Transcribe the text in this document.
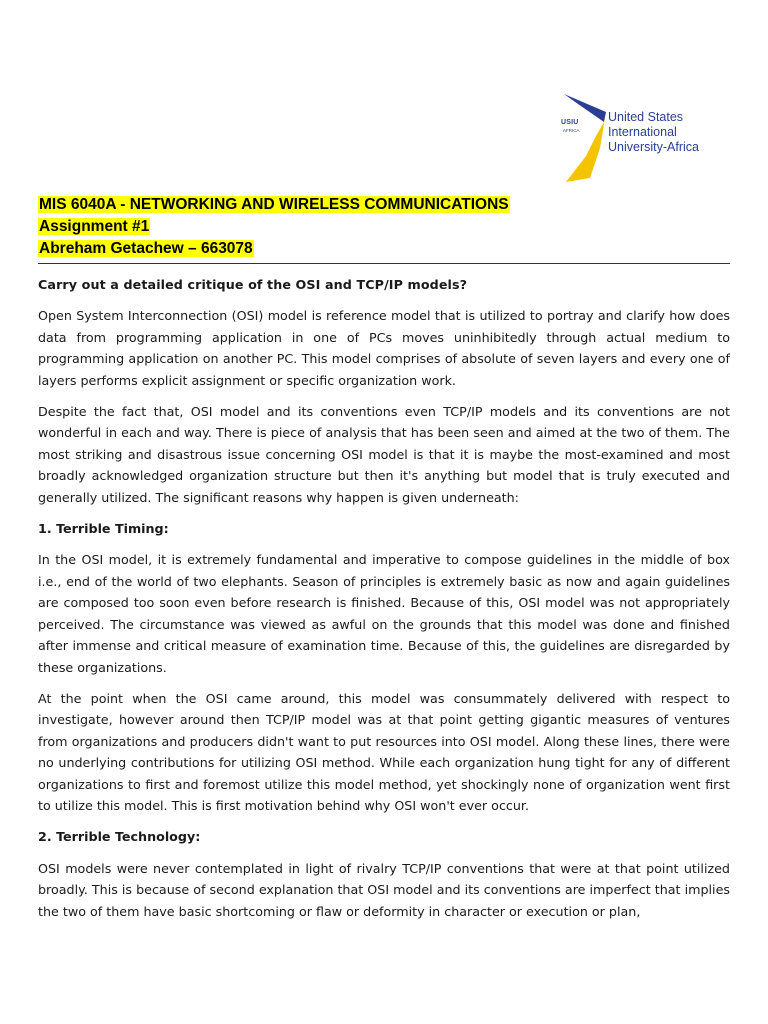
USIU
AFRICA
United States
International
University-Africa
MIS 6040A - NETWORKING AND WIRELESS COMMUNICATIONS
Assignment #1
Abreham Getachew – 663078
Carry out a detailed critique of the OSI and TCP/IP models?

Open System Interconnection (OSI) model is reference model that is utilized to portray and clarify how does data from programming application in one of PCs moves uninhibitedly through actual medium to programming application on another PC. This model comprises of absolute of seven layers and every one of layers performs explicit assignment or specific organization work.

Despite the fact that, OSI model and its conventions even TCP/IP models and its conventions are not wonderful in each and way. There is piece of analysis that has been seen and aimed at the two of them. The most striking and disastrous issue concerning OSI model is that it is maybe the most-examined and most broadly acknowledged organization structure but then it's anything but model that is truly executed and generally utilized. The significant reasons why happen is given underneath:

1. Terrible Timing:

In the OSI model, it is extremely fundamental and imperative to compose guidelines in the middle of box i.e., end of the world of two elephants. Season of principles is extremely basic as now and again guidelines are composed too soon even before research is finished. Because of this, OSI model was not appropriately perceived. The circumstance was viewed as awful on the grounds that this model was done and finished after immense and critical measure of examination time. Because of this, the guidelines are disregarded by these organizations.

At the point when the OSI came around, this model was consummately delivered with respect to investigate, however around then TCP/IP model was at that point getting gigantic measures of ventures from organizations and producers didn't want to put resources into OSI model. Along these lines, there were no underlying contributions for utilizing OSI method. While each organization hung tight for any of different organizations to first and foremost utilize this model method, yet shockingly none of organization went first to utilize this model. This is first motivation behind why OSI won't ever occur.

2. Terrible Technology:

OSI models were never contemplated in light of rivalry TCP/IP conventions that were at that point utilized broadly. This is because of second explanation that OSI model and its conventions are imperfect that implies the two of them have basic shortcoming or flaw or deformity in character or execution or plan,
